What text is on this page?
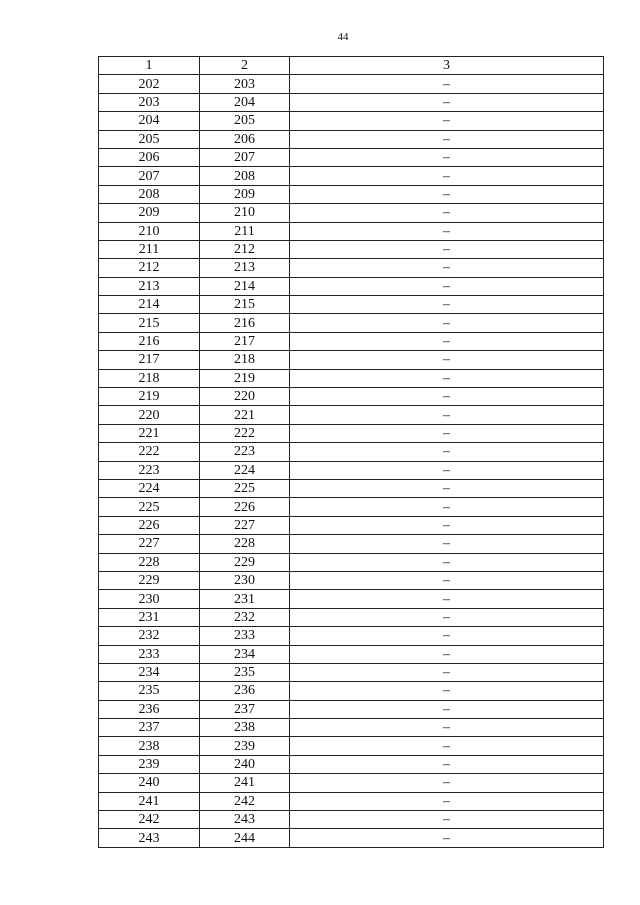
44
1	2	3
202	203	–
203	204	–
204	205	–
205	206	–
206	207	–
207	208	–
208	209	–
209	210	–
210	211	–
211	212	–
212	213	–
213	214	–
214	215	–
215	216	–
216	217	–
217	218	–
218	219	–
219	220	–
220	221	–
221	222	–
222	223	–
223	224	–
224	225	–
225	226	–
226	227	–
227	228	–
228	229	–
229	230	–
230	231	–
231	232	–
232	233	–
233	234	–
234	235	–
235	236	–
236	237	–
237	238	–
238	239	–
239	240	–
240	241	–
241	242	–
242	243	–
243	244	–
